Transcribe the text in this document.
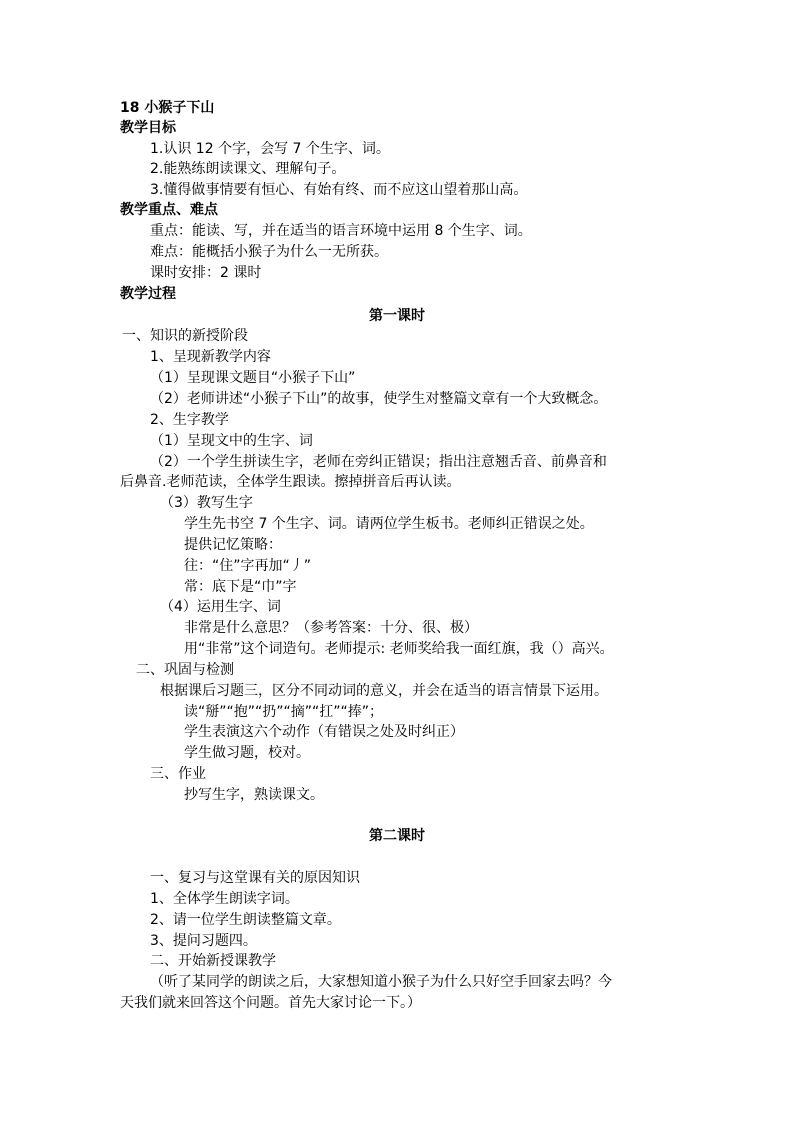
18 小猴子下山
教学目标
1.认识 12 个字，会写 7 个生字、词。
2.能熟练朗读课文、理解句子。
3.懂得做事情要有恒心、有始有终、而不应这山望着那山高。
教学重点、难点
重点：能读、写，并在适当的语言环境中运用 8 个生字、词。
难点：能概括小猴子为什么一无所获。
课时安排：2 课时
教学过程
第一课时
一、知识的新授阶段
1、呈现新教学内容
（1）呈现课文题目“小猴子下山”
（2）老师讲述“小猴子下山”的故事，使学生对整篇文章有一个大致概念。
2、生字教学
（1）呈现文中的生字、词
（2）一个学生拼读生字，老师在旁纠正错误；指出注意翘舌音、前鼻音和
后鼻音.老师范读，全体学生跟读。擦掉拼音后再认读。
（3）教写生字
学生先书空 7 个生字、词。请两位学生板书。老师纠正错误之处。
提供记忆策略：
往：“住”字再加“丿”
常：底下是“巾”字
（4）运用生字、词
非常是什么意思？（参考答案：十分、很、极）
用“非常”这个词造句。老师提示: 老师奖给我一面红旗，我（）高兴。
二、巩固与检测
根据课后习题三，区分不同动词的意义，并会在适当的语言情景下运用。
读“掰”“抱”“扔”“摘”“扛”“捧”；
学生表演这六个动作（有错误之处及时纠正）
学生做习题，校对。
三、作业
抄写生字，熟读课文。
第二课时
一、复习与这堂课有关的原因知识
1、全体学生朗读字词。
2、请一位学生朗读整篇文章。
3、提问习题四。
二、开始新授课教学
（听了某同学的朗读之后，大家想知道小猴子为什么只好空手回家去吗？今
天我们就来回答这个问题。首先大家讨论一下。）
